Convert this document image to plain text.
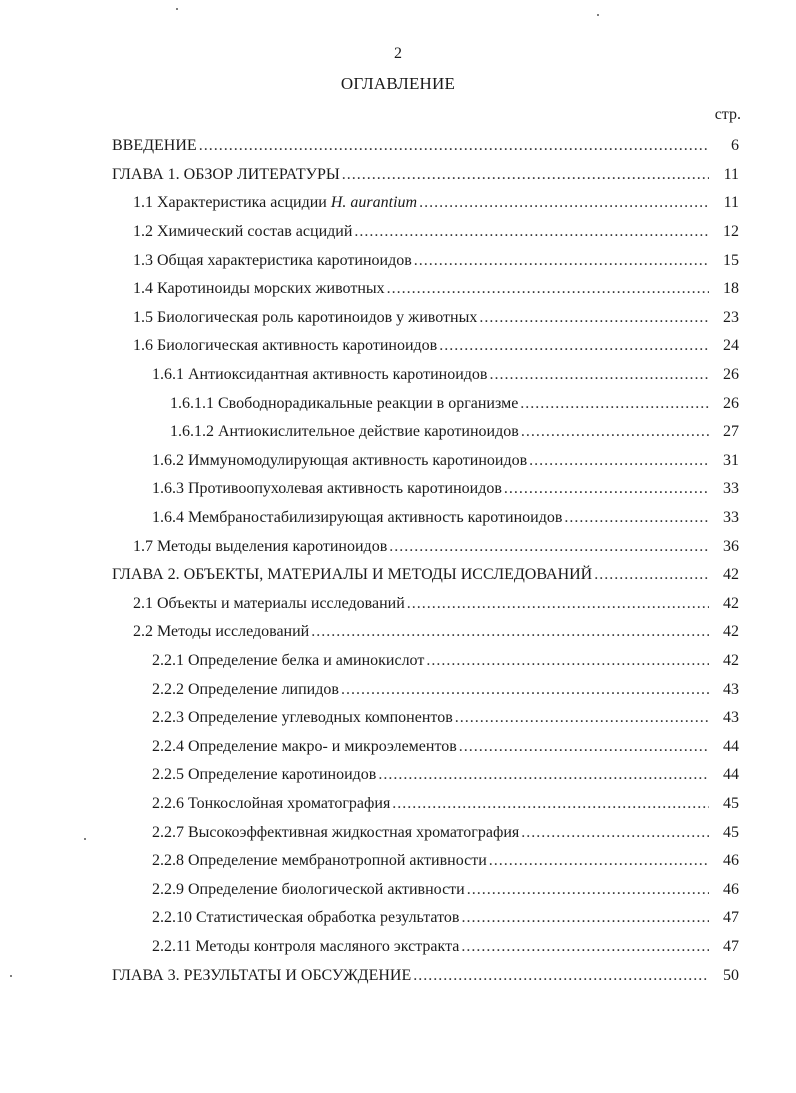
2
ОГЛАВЛЕНИЕ
стр.
ВВЕДЕНИЕ .....	6
ГЛАВА 1. ОБЗОР ЛИТЕРАТУРЫ .....	11
1.1 Характеристика асцидии H. aurantium .....	11
1.2 Химический состав асцидий .....	12
1.3 Общая характеристика каротиноидов .....	15
1.4 Каротиноиды морских животных .....	18
1.5 Биологическая роль каротиноидов у животных .....	23
1.6 Биологическая активность каротиноидов .....	24
1.6.1 Антиоксидантная активность каротиноидов .....	26
1.6.1.1 Свободнорадикальные реакции в организме .....	26
1.6.1.2 Антиокислительное действие каротиноидов .....	27
1.6.2 Иммуномодулирующая активность каротиноидов .....	31
1.6.3 Противоопухолевая активность каротиноидов .....	33
1.6.4 Мембраностабилизирующая активность каротиноидов .....	33
1.7 Методы выделения каротиноидов .....	36
ГЛАВА 2. ОБЪЕКТЫ, МАТЕРИАЛЫ И МЕТОДЫ ИССЛЕДОВАНИЙ .....	42
2.1 Объекты и материалы исследований .....	42
2.2 Методы исследований .....	42
2.2.1 Определение белка и аминокислот .....	42
2.2.2 Определение липидов .....	43
2.2.3 Определение углеводных компонентов .....	43
2.2.4 Определение макро- и микроэлементов .....	44
2.2.5 Определение каротиноидов .....	44
2.2.6 Тонкослойная хроматография .....	45
2.2.7 Высокоэффективная жидкостная хроматография .....	45
2.2.8 Определение мембранотропной активности .....	46
2.2.9 Определение биологической активности .....	46
2.2.10 Статистическая обработка результатов .....	47
2.2.11 Методы контроля масляного экстракта .....	47
ГЛАВА 3. РЕЗУЛЬТАТЫ И ОБСУЖДЕНИЕ .....	50
